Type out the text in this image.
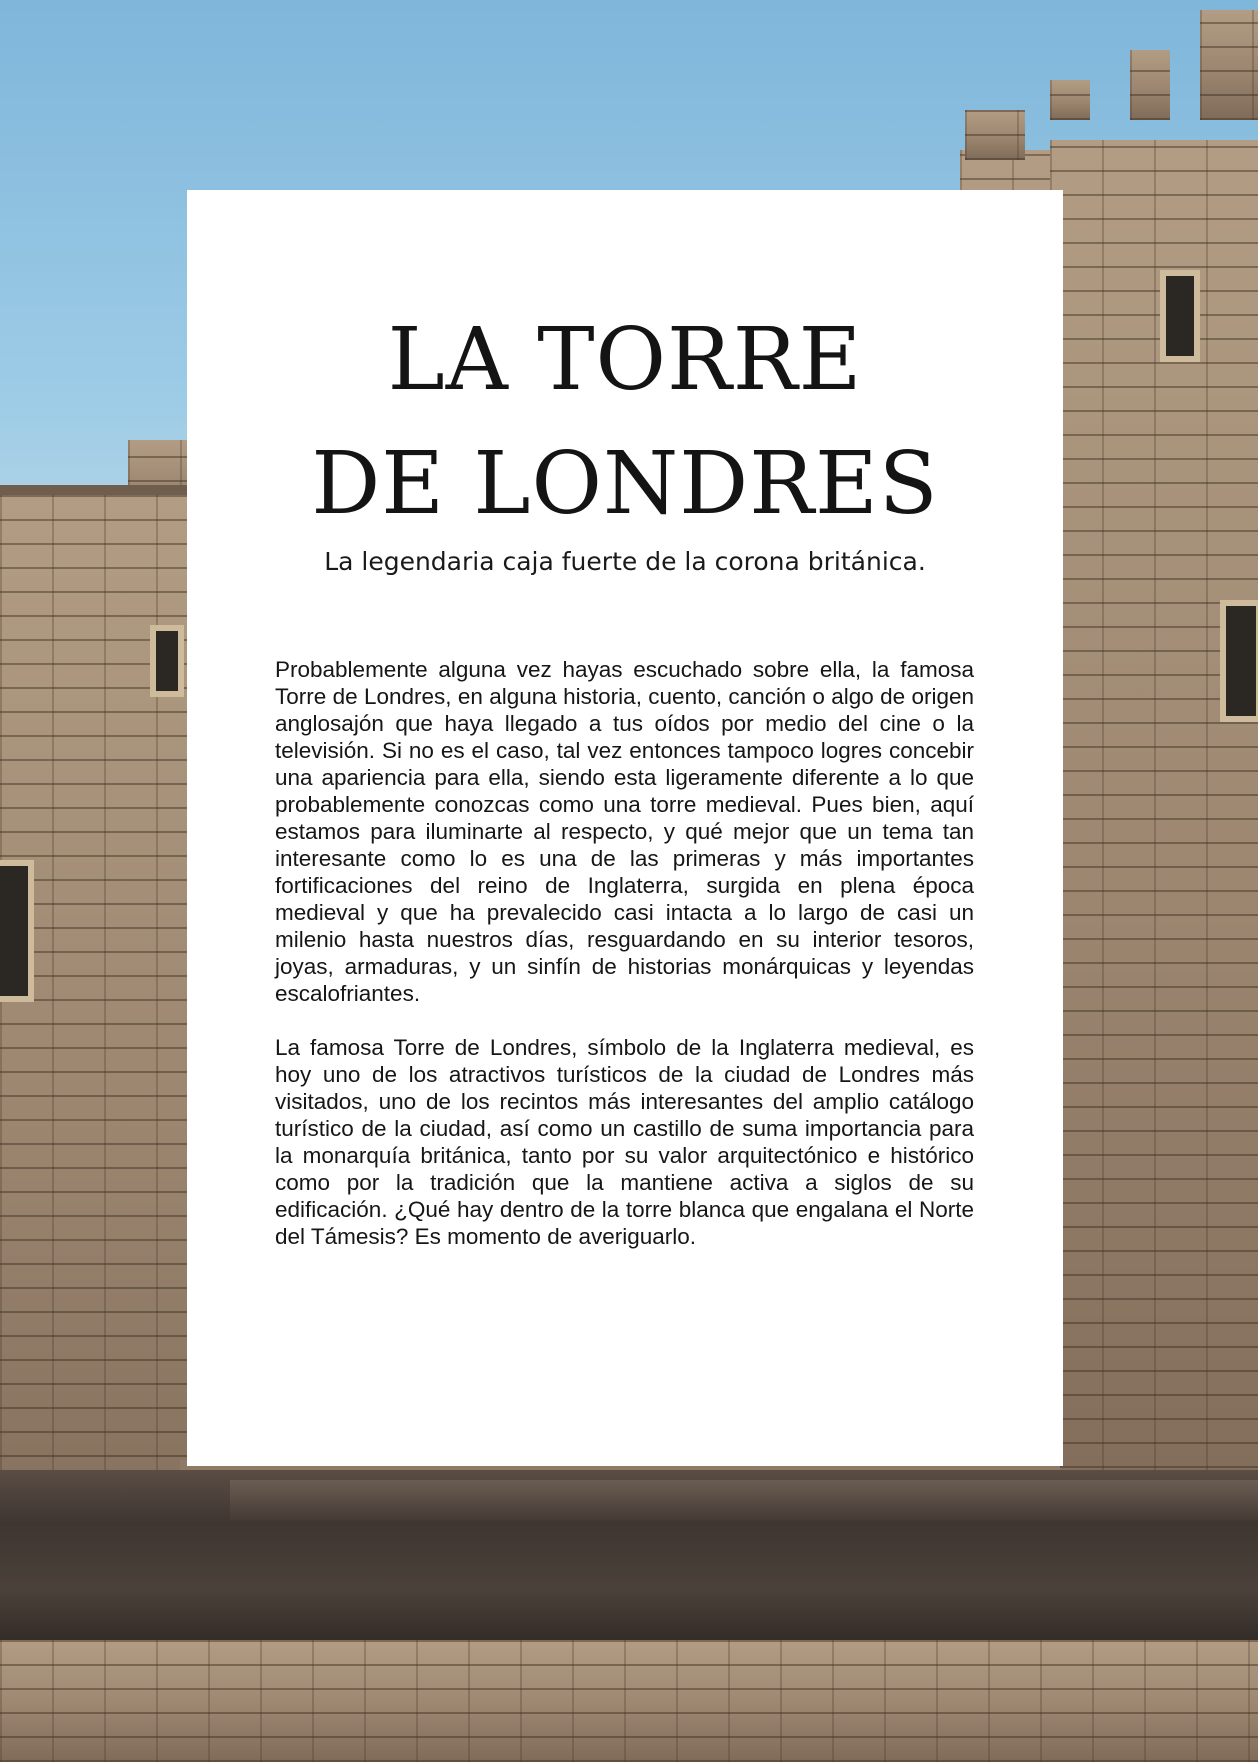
LA TORRE
DE LONDRES

La legendaria caja fuerte de la corona británica.

Probablemente alguna vez hayas escuchado sobre ella, la famosa Torre de Londres, en alguna historia, cuento, canción o algo de origen anglosajón que haya llegado a tus oídos por medio del cine o la televisión. Si no es el caso, tal vez entonces tampoco logres concebir una apariencia para ella, siendo esta ligeramente diferente a lo que probablemente conozcas como una torre medieval. Pues bien, aquí estamos para iluminarte al respecto, y qué mejor que un tema tan interesante como lo es una de las primeras y más importantes fortificaciones del reino de Inglaterra, surgida en plena época medieval y que ha prevalecido casi intacta a lo largo de casi un milenio hasta nuestros días, resguardando en su interior tesoros, joyas, armaduras, y un sinfín de historias monárquicas y leyendas escalofriantes.

La famosa Torre de Londres, símbolo de la Inglaterra medieval, es hoy uno de los atractivos turísticos de la ciudad de Londres más visitados, uno de los recintos más interesantes del amplio catálogo turístico de la ciudad, así como un castillo de suma importancia para la monarquía británica, tanto por su valor arquitectónico e histórico como por la tradición que la mantiene activa a siglos de su edificación. ¿Qué hay dentro de la torre blanca que engalana el Norte del Támesis? Es momento de averiguarlo.
